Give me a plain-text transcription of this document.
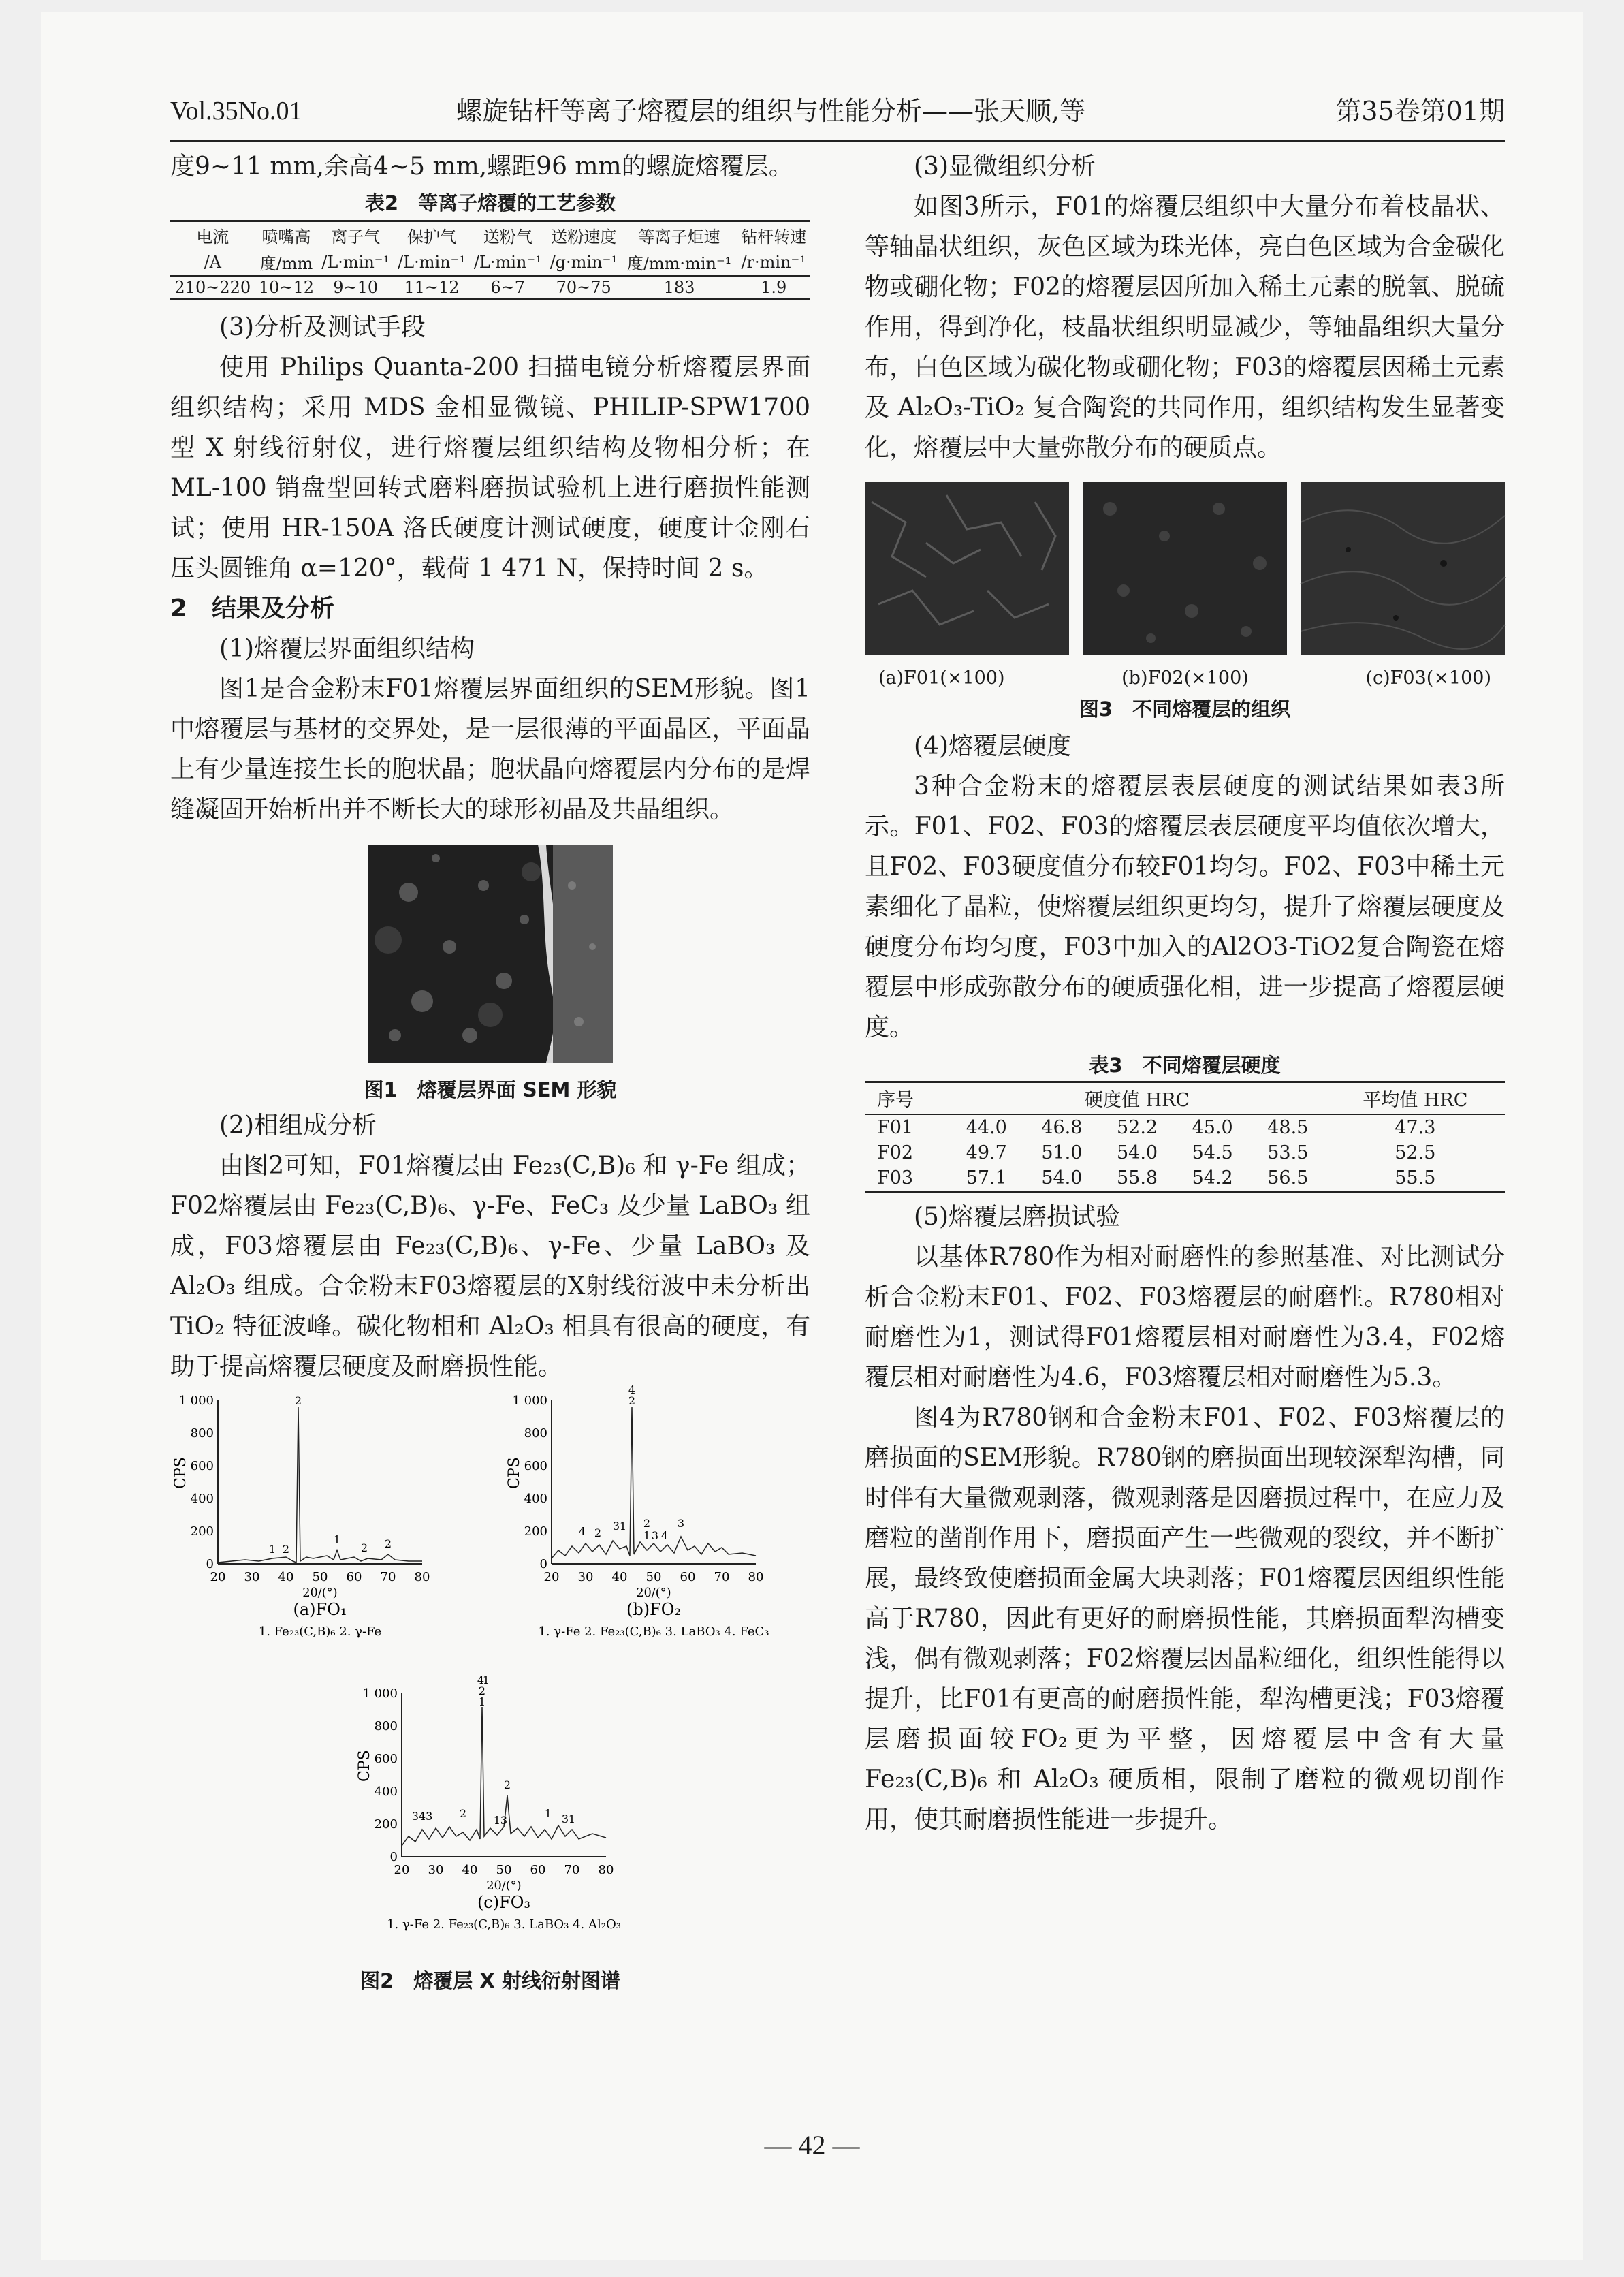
Vol.35No.01	螺旋钻杆等离子熔覆层的组织与性能分析——张天顺,等	第35卷第01期

度9~11 mm,余高4~5 mm,螺距96 mm的螺旋熔覆层。

表2　等离子熔覆的工艺参数
电流	喷嘴高	离子气	保护气	送粉气	送粉速度	等离子炬速	钻杆转速
/A	度/mm	/L·min⁻¹	/L·min⁻¹	/L·min⁻¹	/g·min⁻¹	度/mm·min⁻¹	/r·min⁻¹
210~220	10~12	9~10	11~12	6~7	70~75	183	1.9

(3)分析及测试手段

使用 Philips Quanta-200 扫描电镜分析熔覆层界面组织结构；采用 MDS 金相显微镜、PHILIP-SPW1700 型 X 射线衍射仪，进行熔覆层组织结构及物相分析；在 ML-100 销盘型回转式磨料磨损试验机上进行磨损性能测试；使用 HR-150A 洛氏硬度计测试硬度，硬度计金刚石压头圆锥角 α=120°，载荷 1 471 N，保持时间 2 s。

2　结果及分析

(1)熔覆层界面组织结构

图1是合金粉末F01熔覆层界面组织的SEM形貌。图1中熔覆层与基材的交界处，是一层很薄的平面晶区，平面晶上有少量连接生长的胞状晶；胞状晶向熔覆层内分布的是焊缝凝固开始析出并不断长大的球形初晶及共晶组织。

图1　熔覆层界面 SEM 形貌

(2)相组成分析

由图2可知，F01熔覆层由 Fe₂₃(C,B)₆ 和 γ-Fe 组成；F02熔覆层由 Fe₂₃(C,B)₆、γ-Fe、FeC₃ 及少量 LaBO₃ 组成，F03熔覆层由 Fe₂₃(C,B)₆、γ-Fe、少量 LaBO₃ 及 Al₂O₃ 组成。合金粉末F03熔覆层的X射线衍波中未分析出 TiO₂ 特征波峰。碳化物相和 Al₂O₃ 相具有很高的硬度，有助于提高熔覆层硬度及耐磨损性能。

CPS
0
200
400
600
800
1 000
20 30 40 50 60 70 80
2θ/(°)
2
1 2
1
2 2
(a)FO₁
1. Fe₂₃(C,B)₆ 2. γ-Fe
CPS
0
200
400
600
800
1 000
20 30 40 50 60 70 80
2θ/(°)
4
2
4 2
3 1 2 3
1 3 4
(b)FO₂
1. γ-Fe 2. Fe₂₃(C,B)₆ 3. LaBO₃ 4. FeC₃
CPS
0
200
400
600
800
1 000
20 30 40 50 60 70 80
2θ/(°)
4
1
2
1
343 2
2
1 3
1 3 1
(c)FO₃
1. γ-Fe 2. Fe₂₃(C,B)₆ 3. LaBO₃ 4. Al₂O₃
图2　熔覆层 X 射线衍射图谱

(3)显微组织分析

如图3所示，F01的熔覆层组织中大量分布着枝晶状、等轴晶状组织，灰色区域为珠光体，亮白色区域为合金碳化物或硼化物；F02的熔覆层因所加入稀土元素的脱氧、脱硫作用，得到净化，枝晶状组织明显减少，等轴晶组织大量分布，白色区域为碳化物或硼化物；F03的熔覆层因稀土元素及 Al₂O₃-TiO₂ 复合陶瓷的共同作用，组织结构发生显著变化，熔覆层中大量弥散分布的硬质点。

(a)F01(×100)	(b)F02(×100)	(c)F03(×100)
图3　不同熔覆层的组织

(4)熔覆层硬度

3种合金粉末的熔覆层表层硬度的测试结果如表3所示。F01、F02、F03的熔覆层表层硬度平均值依次增大，且F02、F03硬度值分布较F01均匀。F02、F03中稀土元素细化了晶粒，使熔覆层组织更均匀，提升了熔覆层硬度及硬度分布均匀度，F03中加入的Al2O3-TiO2复合陶瓷在熔覆层中形成弥散分布的硬质强化相，进一步提高了熔覆层硬度。

表3　不同熔覆层硬度
序号	硬度值 HRC					平均值 HRC
F01	44.0	46.8	52.2	45.0	48.5	47.3
F02	49.7	51.0	54.0	54.5	53.5	52.5
F03	57.1	54.0	55.8	54.2	56.5	55.5

(5)熔覆层磨损试验

以基体R780作为相对耐磨性的参照基准、对比测试分析合金粉末F01、F02、F03熔覆层的耐磨性。R780相对耐磨性为1，测试得F01熔覆层相对耐磨性为3.4，F02熔覆层相对耐磨性为4.6，F03熔覆层相对耐磨性为5.3。

图4为R780钢和合金粉末F01、F02、F03熔覆层的磨损面的SEM形貌。R780钢的磨损面出现较深犁沟槽，同时伴有大量微观剥落，微观剥落是因磨损过程中，在应力及磨粒的凿削作用下，磨损面产生一些微观的裂纹，并不断扩展，最终致使磨损面金属大块剥落；F01熔覆层因组织性能高于R780，因此有更好的耐磨损性能，其磨损面犁沟槽变浅，偶有微观剥落；F02熔覆层因晶粒细化，组织性能得以提升，比F01有更高的耐磨损性能，犁沟槽更浅；F03熔覆层磨损面较FO₂更为平整，因熔覆层中含有大量 Fe₂₃(C,B)₆ 和 Al₂O₃ 硬质相，限制了磨粒的微观切削作用，使其耐磨损性能进一步提升。

— 42 —
